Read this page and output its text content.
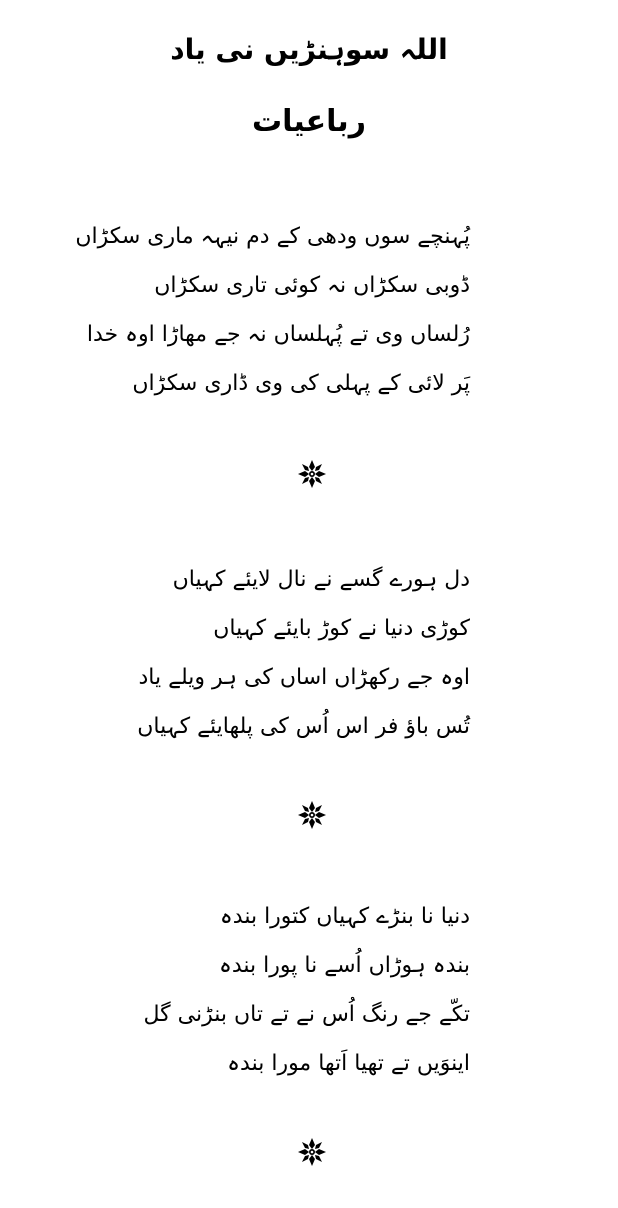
اللہ سوہنڑیں نی یاد
رباعیات
پُہنچے سوں ودھی کے دم نیہہ ماری سکڑاں
ڈوبی سکڑاں نہ کوئی تاری سکڑاں
رُلساں وی تے پُہلساں نہ جے مھاڑا اوہ خدا
پَر لائی کے پہلی کی وی ڈاری سکڑاں
دل ہورے گسے نے نال لایئے کہیاں
کوڑی دنیا نے کوڑ بایئے کہیاں
اوہ جے رکھڑاں اساں کی ہر ویلے یاد
تُس باؤ فر اس اُس کی پلھایئے کہیاں
دنیا نا بنڑے کہیاں کتورا بندہ
بندہ ہوڑاں اُسے نا پورا بندہ
تکّے جے رنگ اُس نے تے تاں بنڑنی گل
اینوَیں تے تھیا اَتھا مورا بندہ
